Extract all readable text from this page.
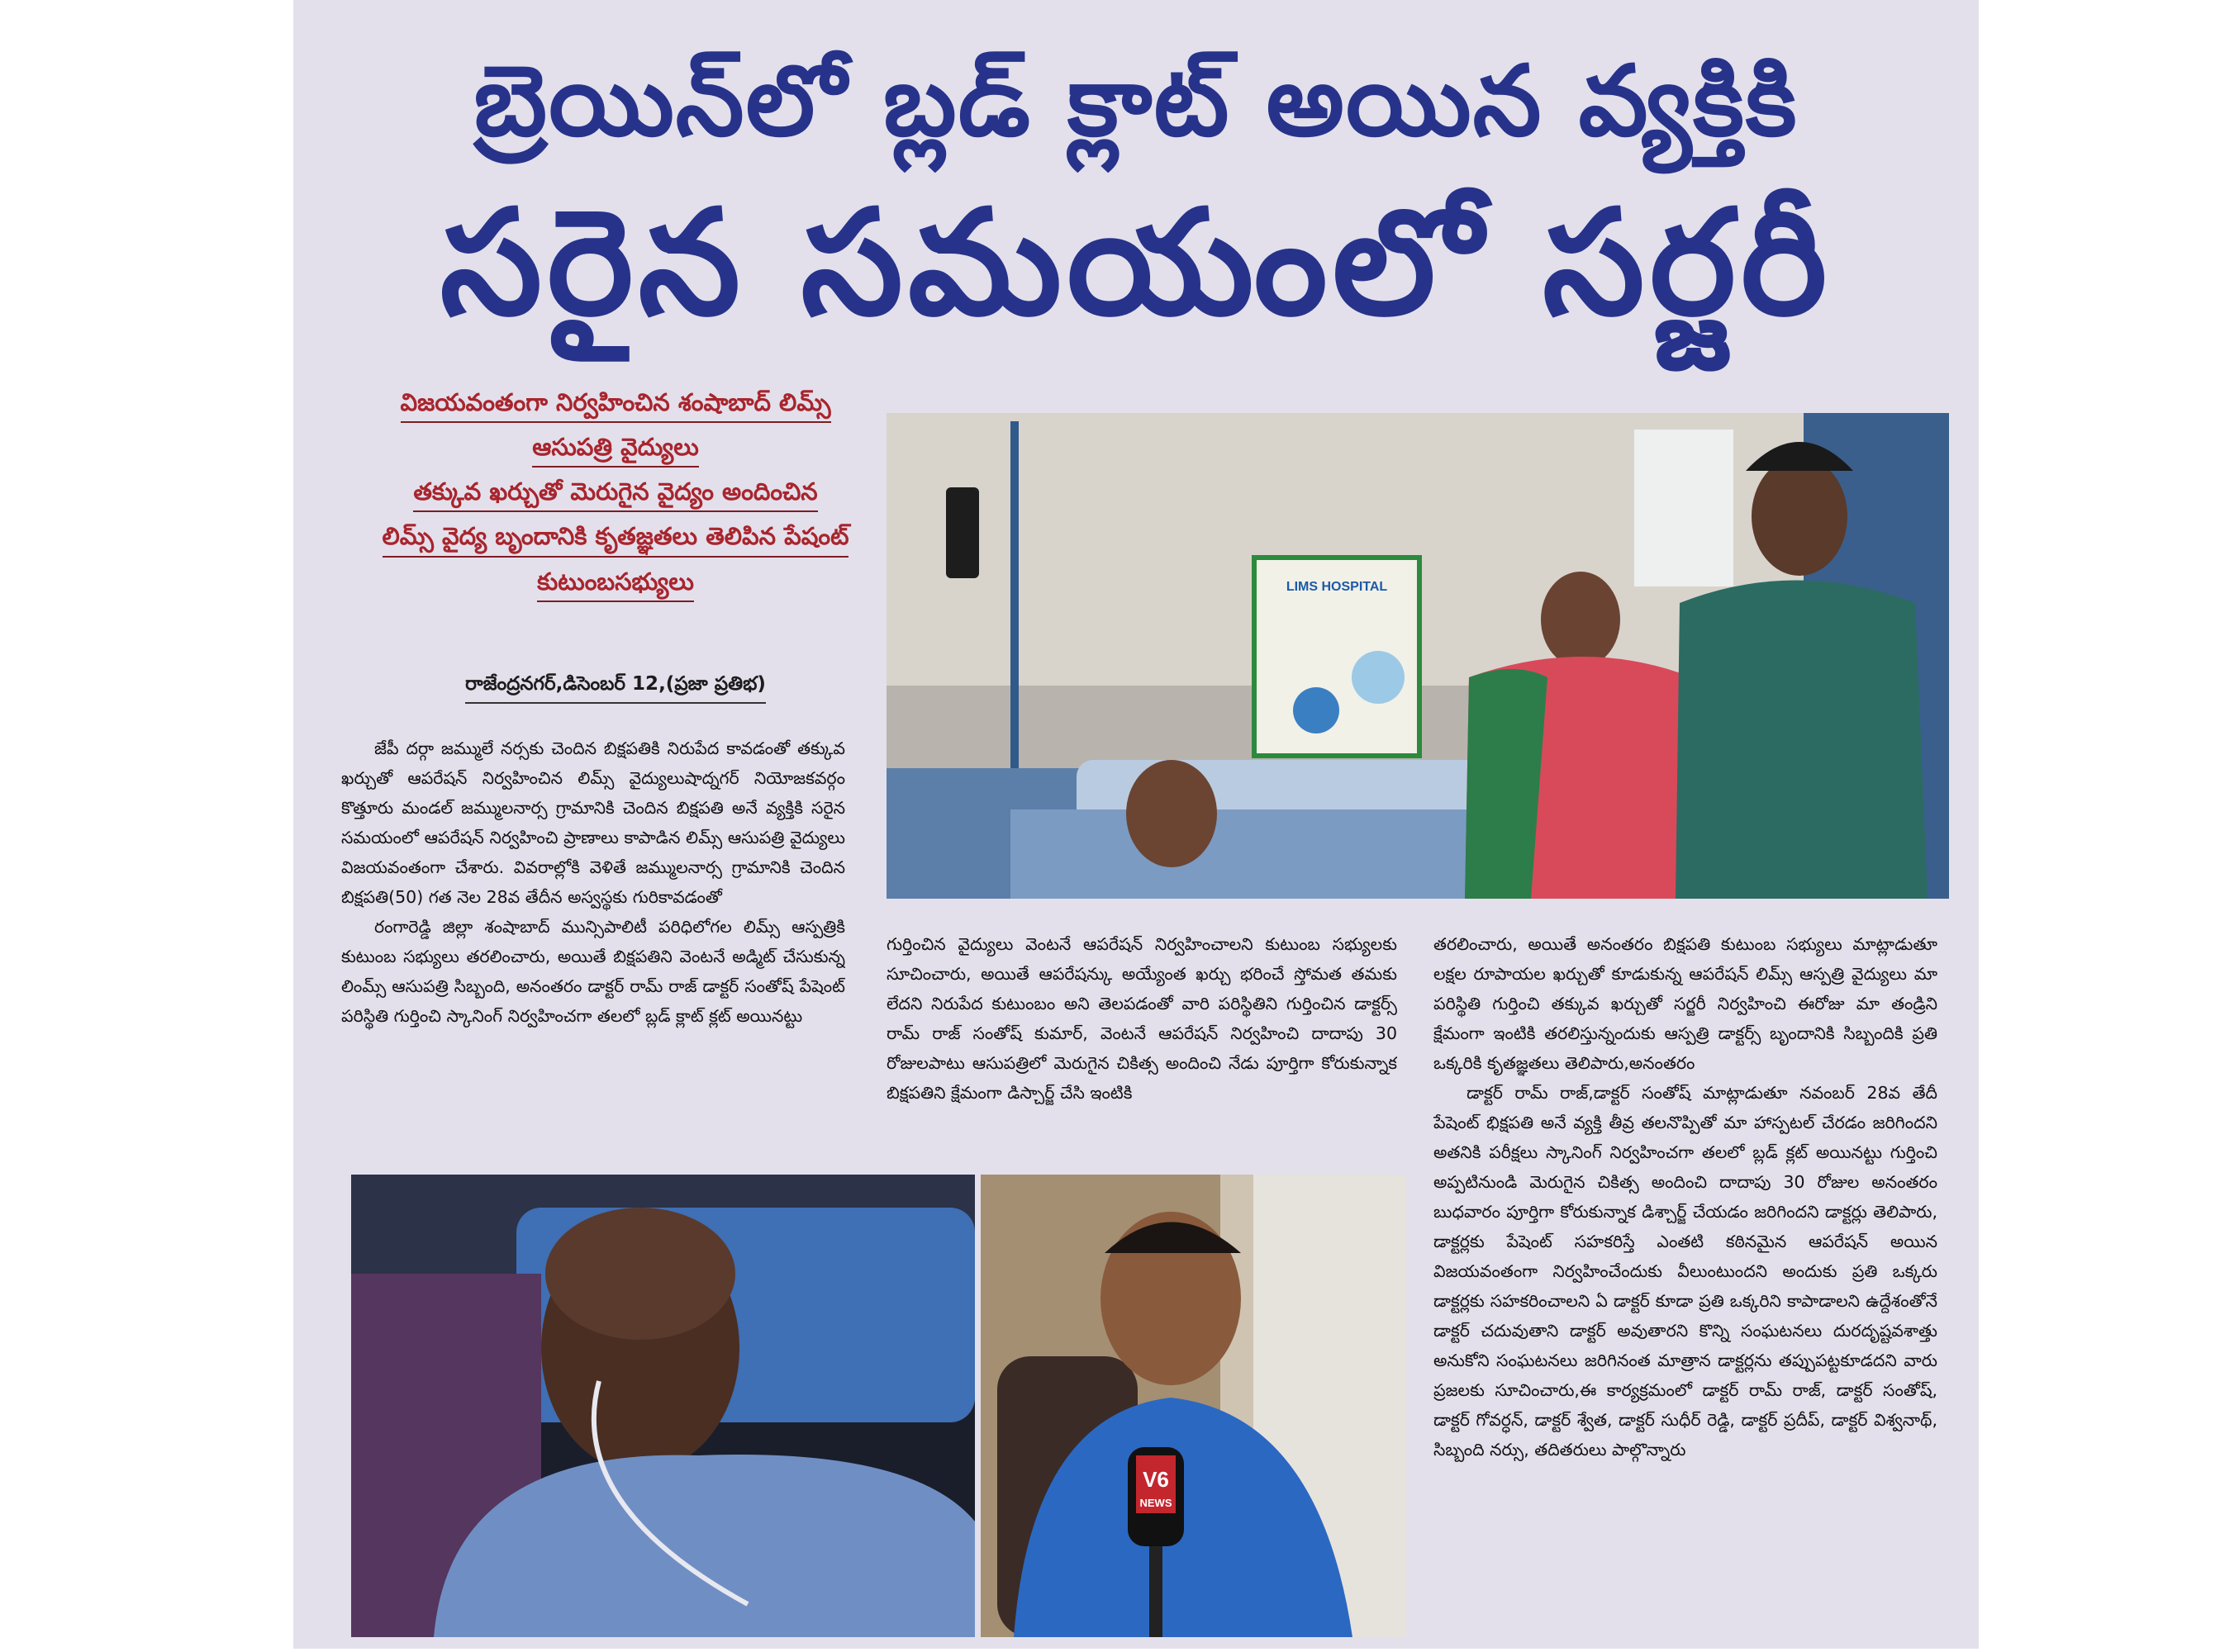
బ్రెయిన్‌లో బ్లడ్ క్లాట్ అయిన వ్యక్తికి
సరైన సమయంలో సర్జరీ
విజయవంతంగా నిర్వహించిన శంషాబాద్ లిమ్స్
ఆసుపత్రి వైద్యులు
తక్కువ ఖర్చుతో మెరుగైన వైద్యం అందించిన
లిమ్స్ వైద్య బృందానికి కృతజ్ఞతలు తెలిపిన పేషంట్
కుటుంబసభ్యులు
రాజేంద్రనగర్,డిసెంబర్ 12,(ప్రజా ప్రతిభ)

జేపీ దర్గా జమ్ములే నర్సకు చెందిన బిక్షపతికి నిరుపేద కావడంతో తక్కువ ఖర్చుతో ఆపరేషన్ నిర్వహించిన లిమ్స్ వైద్యులుషాద్నగర్ నియోజకవర్గం కొత్తూరు మండల్ జమ్ములనార్స గ్రామానికి చెందిన బిక్షపతి అనే వ్యక్తికి సరైన సమయంలో ఆపరేషన్ నిర్వహించి ప్రాణాలు కాపాడిన లిమ్స్ ఆసుపత్రి వైద్యులు విజయవంతంగా చేశారు. వివరాల్లోకి వెళితే జమ్ములనార్స గ్రామానికి చెందిన బిక్షపతి(50) గత నెల 28వ తేదీన అస్వస్థకు గురికావడంతో

రంగారెడ్డి జిల్లా శంషాబాద్ మున్సిపాలిటీ పరిధిలోగల లిమ్స్ ఆస్పత్రికి కుటుంబ సభ్యులు తరలించారు, అయితే బిక్షపతిని వెంటనే అడ్మిట్ చేసుకున్న లింమ్స్ ఆసుపత్రి సిబ్బంది, అనంతరం డాక్టర్ రామ్ రాజ్ డాక్టర్ సంతోష్ పేషెంట్ పరిస్థితి గుర్తించి స్కానింగ్ నిర్వహించగా తలలో బ్లడ్ క్లాట్ క్లట్ అయినట్టు

గుర్తించిన వైద్యులు వెంటనే ఆపరేషన్ నిర్వహించాలని కుటుంబ సభ్యులకు సూచించారు, అయితే ఆపరేషన్కు అయ్యేంత ఖర్చు భరించే స్తోమత తమకు లేదని నిరుపేద కుటుంబం అని తెలపడంతో వారి పరిస్థితిని గుర్తించిన డాక్టర్స్ రామ్ రాజ్ సంతోష్ కుమార్, వెంటనే ఆపరేషన్ నిర్వహించి దాదాపు 30 రోజులపాటు ఆసుపత్రిలో మెరుగైన చికిత్స అందించి నేడు పూర్తిగా కోరుకున్నాక బిక్షపతిని క్షేమంగా డిస్చార్జ్ చేసి ఇంటికి

తరలించారు, అయితే అనంతరం బిక్షపతి కుటుంబ సభ్యులు మాట్లాడుతూ లక్షల రూపాయల ఖర్చుతో కూడుకున్న ఆపరేషన్ లిమ్స్ ఆస్పత్రి వైద్యులు మా పరిస్థితి గుర్తించి తక్కువ ఖర్చుతో సర్జరీ నిర్వహించి ఈరోజు మా తండ్రిని క్షేమంగా ఇంటికి తరలిస్తున్నందుకు ఆస్పత్రి డాక్టర్స్ బృందానికి సిబ్బందికి ప్రతి ఒక్కరికి కృతజ్ఞతలు తెలిపారు,అనంతరం

డాక్టర్ రామ్ రాజ్,డాక్టర్ సంతోష్ మాట్లాడుతూ నవంబర్ 28వ తేదీ పేషెంట్ భిక్షపతి అనే వ్యక్తి తీవ్ర తలనొప్పితో మా హాస్పటల్ చేరడం జరిగిందని అతనికి పరీక్షలు స్కానింగ్ నిర్వహించగా తలలో బ్లడ్ క్లట్ అయినట్టు గుర్తించి అప్పటినుండి మెరుగైన చికిత్స అందించి దాదాపు 30 రోజుల అనంతరం బుధవారం పూర్తిగా కోరుకున్నాక డిశ్చార్జ్ చేయడం జరిగిందని డాక్టర్లు తెలిపారు, డాక్టర్లకు పేషెంట్ సహకరిస్తే ఎంతటి కఠినమైన ఆపరేషన్ అయిన విజయవంతంగా నిర్వహించేందుకు వీలుంటుందని అందుకు ప్రతి ఒక్కరు డాక్టర్లకు సహకరించాలని ఏ డాక్టర్ కూడా ప్రతి ఒక్కరిని కాపాడాలని ఉద్దేశంతోనే డాక్టర్ చదువుతాని డాక్టర్ అవుతారని కొన్ని సంఘటనలు దురదృష్టవశాత్తు అనుకోని సంఘటనలు జరిగినంత మాత్రాన డాక్టర్లను తప్పుపట్టకూడదని వారు ప్రజలకు సూచించారు,ఈ కార్యక్రమంలో డాక్టర్ రామ్ రాజ్, డాక్టర్ సంతోష్, డాక్టర్ గోవర్ధన్, డాక్టర్ శ్వేత, డాక్టర్ సుధీర్ రెడ్డి, డాక్టర్ ప్రదీప్, డాక్టర్ విశ్వనాథ్, సిబ్బంది నర్సు, తదితరులు పాల్గొన్నారు

LIMS HOSPITAL
V6
NEWS
